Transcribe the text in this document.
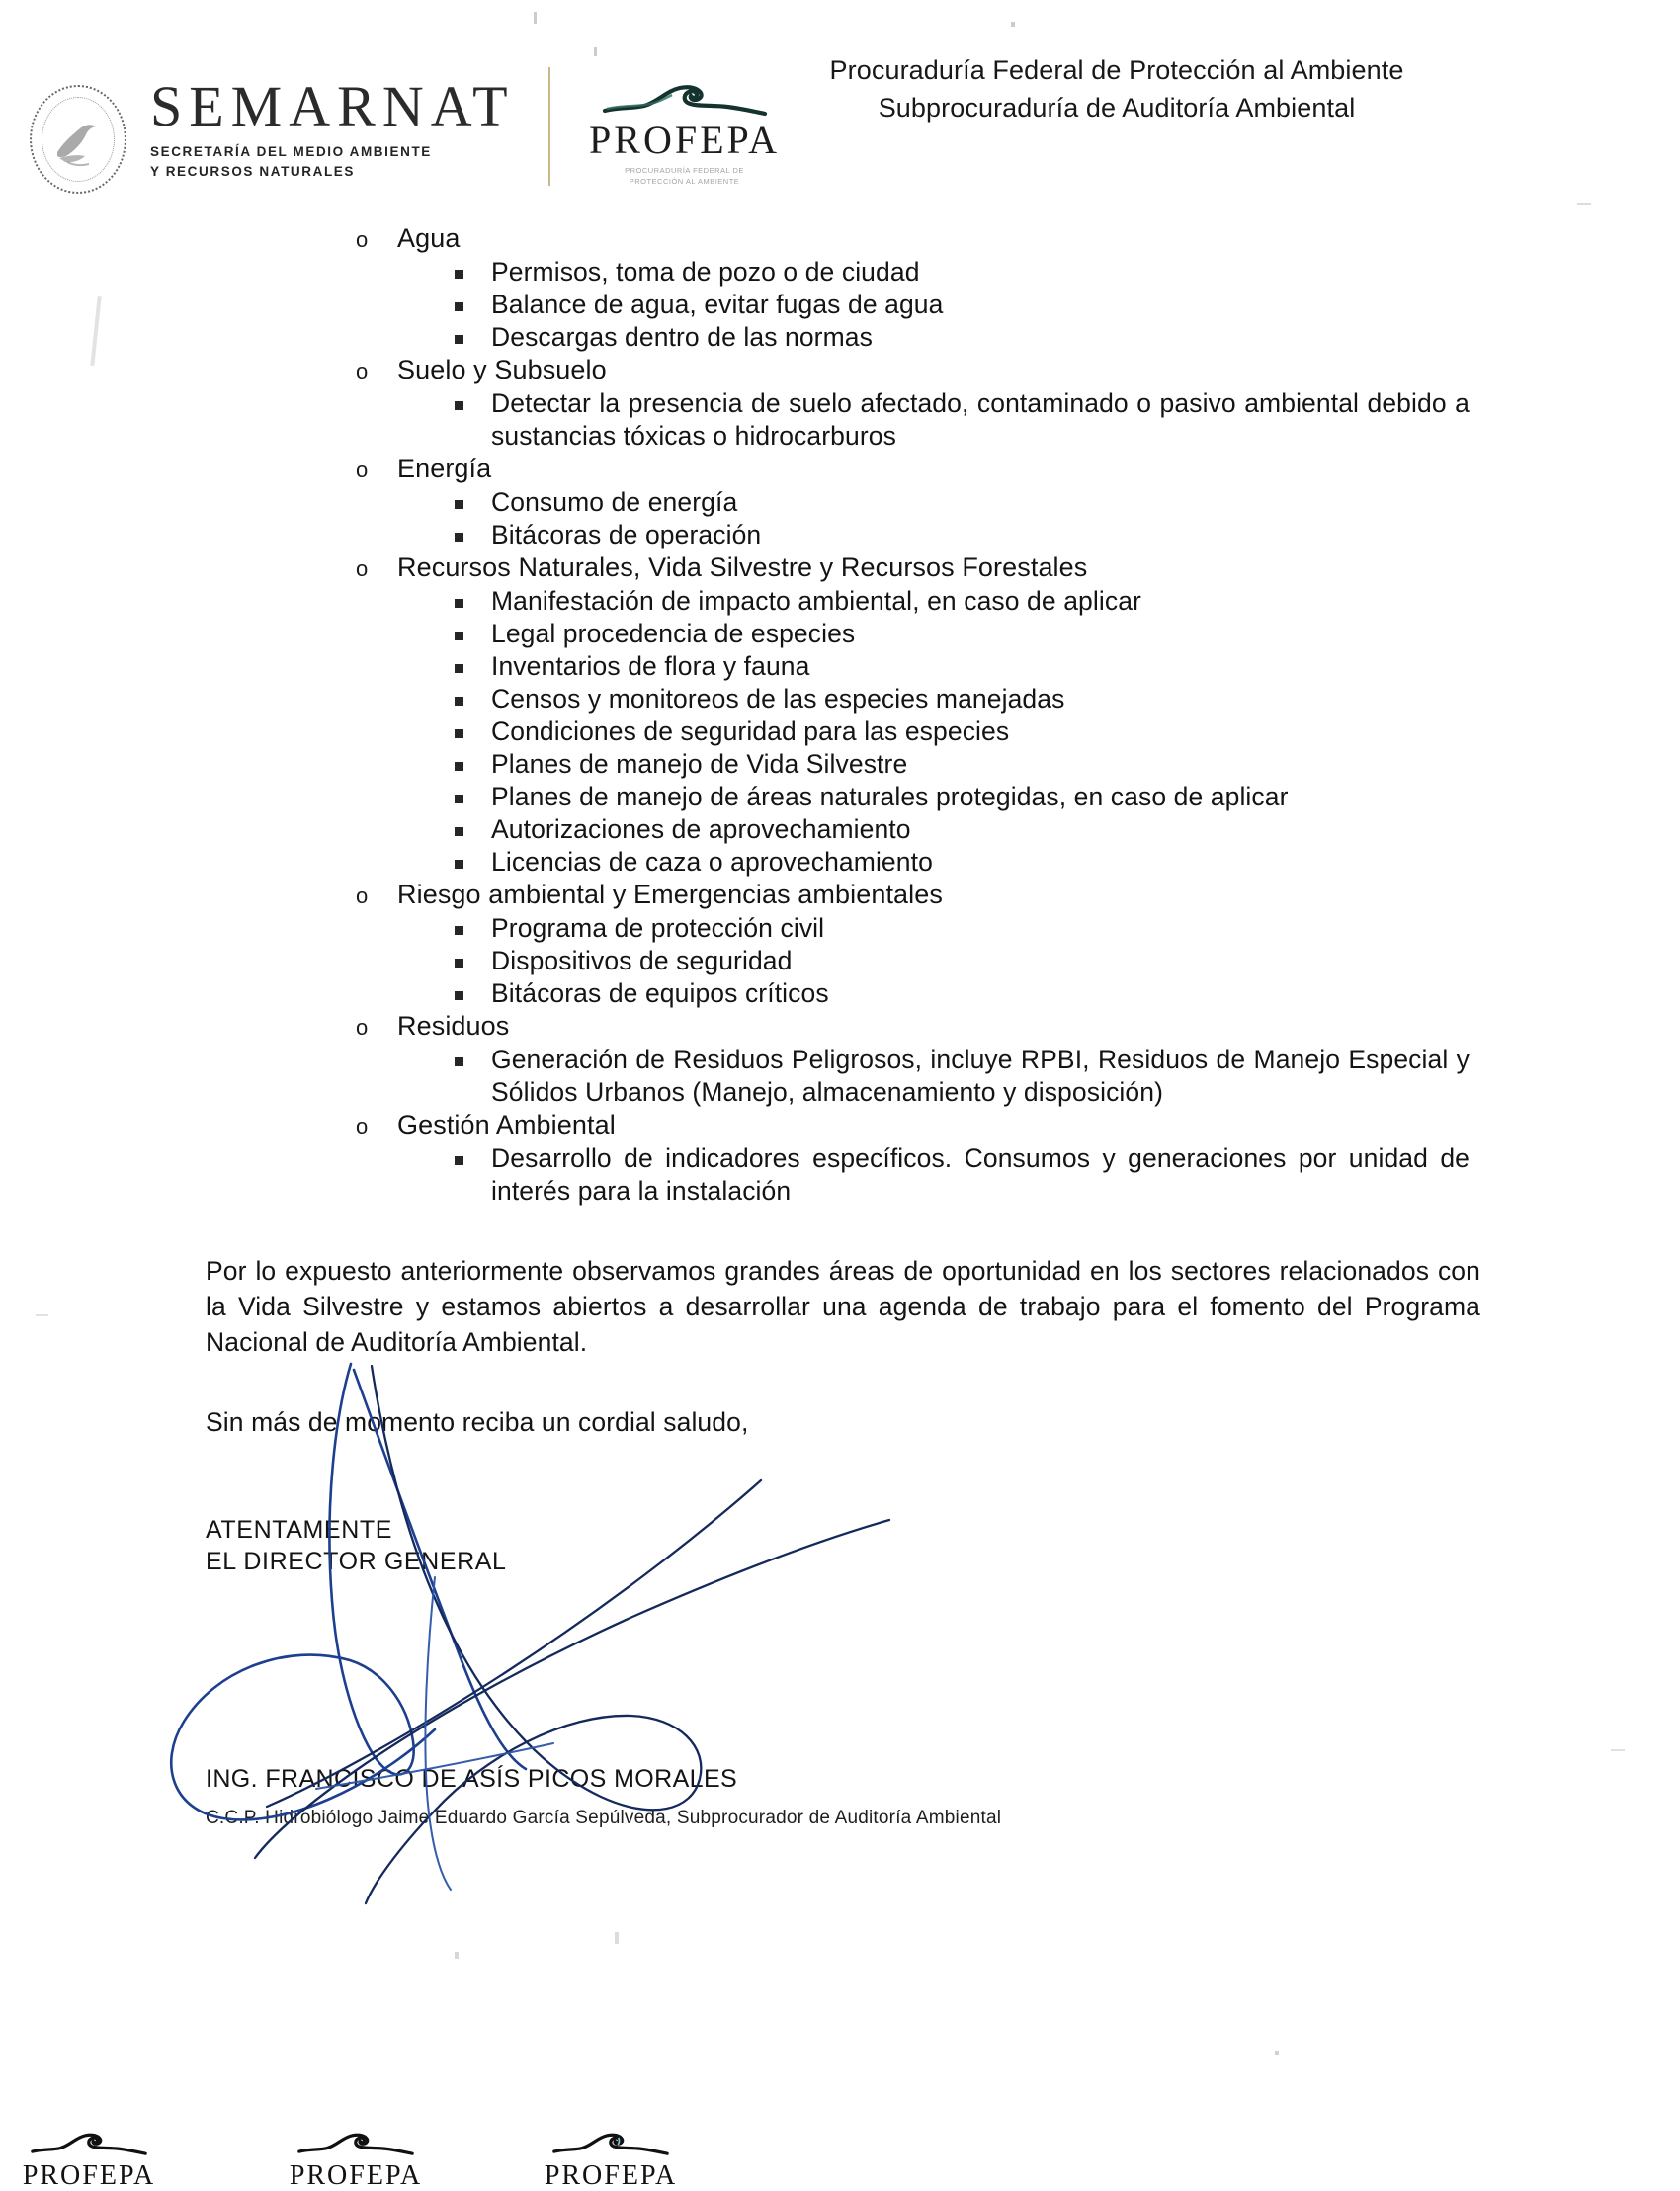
SEMARNAT
SECRETARÍA DEL MEDIO AMBIENTE
Y RECURSOS NATURALES
PROFEPA
PROCURADURÍA FEDERAL DE
PROTECCIÓN AL AMBIENTE
Procuraduría Federal de Protección al Ambiente
Subprocuraduría de Auditoría Ambiental
o	Agua
Permisos, toma de pozo o de ciudad
Balance de agua, evitar fugas de agua
Descargas dentro de las normas
o	Suelo y Subsuelo
Detectar la presencia de suelo afectado, contaminado o pasivo ambiental debido a sustancias tóxicas o hidrocarburos
o	Energía
Consumo de energía
Bitácoras de operación
o	Recursos Naturales, Vida Silvestre y Recursos Forestales
Manifestación de impacto ambiental, en caso de aplicar
Legal procedencia de especies
Inventarios de flora y fauna
Censos y monitoreos de las especies manejadas
Condiciones de seguridad para las especies
Planes de manejo de Vida Silvestre
Planes de manejo de áreas naturales protegidas, en caso de aplicar
Autorizaciones de aprovechamiento
Licencias de caza o aprovechamiento
o	Riesgo ambiental y Emergencias ambientales
Programa de protección civil
Dispositivos de seguridad
Bitácoras de equipos críticos
o	Residuos
Generación de Residuos Peligrosos, incluye RPBI, Residuos de Manejo Especial y Sólidos Urbanos (Manejo, almacenamiento y disposición)
o	Gestión Ambiental
Desarrollo de indicadores específicos. Consumos y generaciones por unidad de interés para la instalación
Por lo expuesto anteriormente observamos grandes áreas de oportunidad en los sectores relacionados con la Vida Silvestre y estamos abiertos a desarrollar una agenda de trabajo para el fomento del Programa Nacional de Auditoría Ambiental.
Sin más de momento reciba un cordial saludo,
ATENTAMENTE
EL DIRECTOR GENERAL
ING. FRANCISCO DE ASÍS PICOS MORALES
C.C.P. Hidrobiólogo Jaime Eduardo García Sepúlveda, Subprocurador de Auditoría Ambiental
PROFEPA	PROFEPA	PROFEPA
